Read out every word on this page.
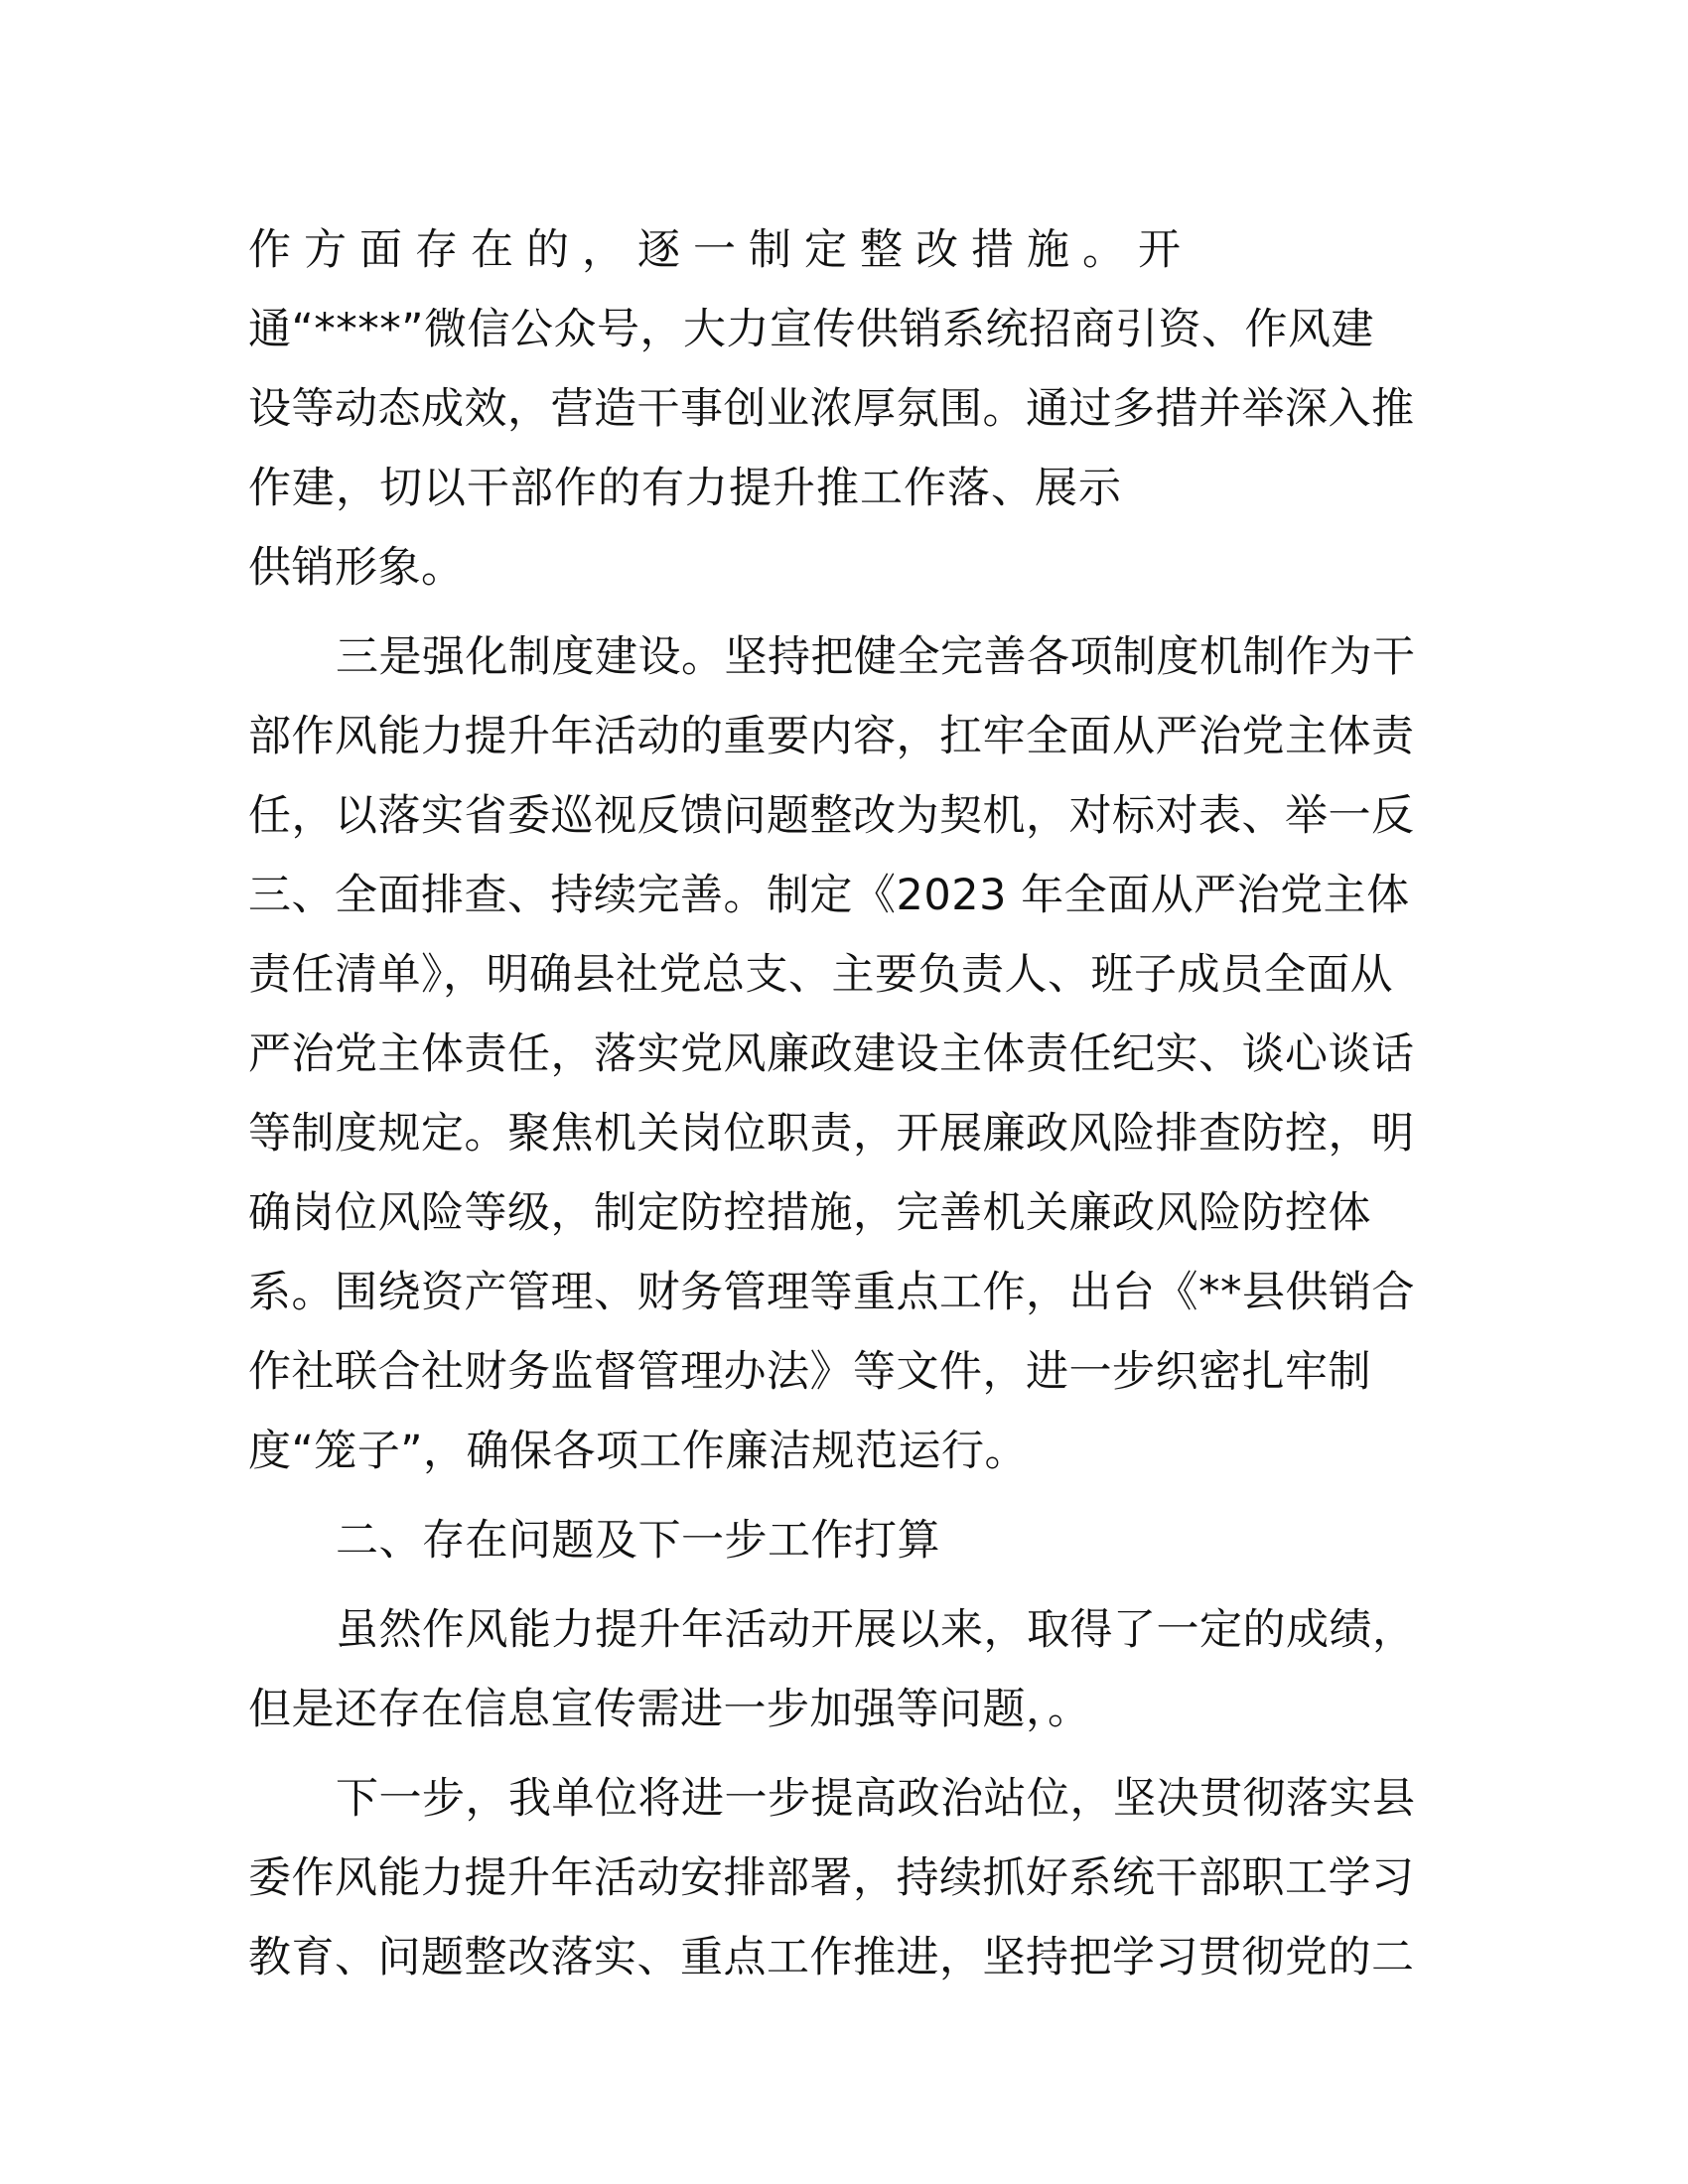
作方面存在的，逐一制定整改措施。开
通“****”微信公众号，大力宣传供销系统招商引资、作风建
设等动态成效，营造干事创业浓厚氛围。通过多措并举深入推
作建，切以干部作的有力提升推工作落、展示
供销形象。
三是强化制度建设。坚持把健全完善各项制度机制作为干
部作风能力提升年活动的重要内容，扛牢全面从严治党主体责
任，以落实省委巡视反馈问题整改为契机，对标对表、举一反
三、全面排查、持续完善。制定《2023 年全面从严治党主体
责任清单》，明确县社党总支、主要负责人、班子成员全面从
严治党主体责任，落实党风廉政建设主体责任纪实、谈心谈话
等制度规定。聚焦机关岗位职责，开展廉政风险排查防控，明
确岗位风险等级，制定防控措施，完善机关廉政风险防控体
系。围绕资产管理、财务管理等重点工作，出台《**县供销合
作社联合社财务监督管理办法》等文件，进一步织密扎牢制
度“笼子”，确保各项工作廉洁规范运行。
二、存在问题及下一步工作打算
虽然作风能力提升年活动开展以来，取得了一定的成绩，
但是还存在信息宣传需进一步加强等问题，。
下一步，我单位将进一步提高政治站位，坚决贯彻落实县
委作风能力提升年活动安排部署，持续抓好系统干部职工学习
教育、问题整改落实、重点工作推进，坚持把学习贯彻党的二
